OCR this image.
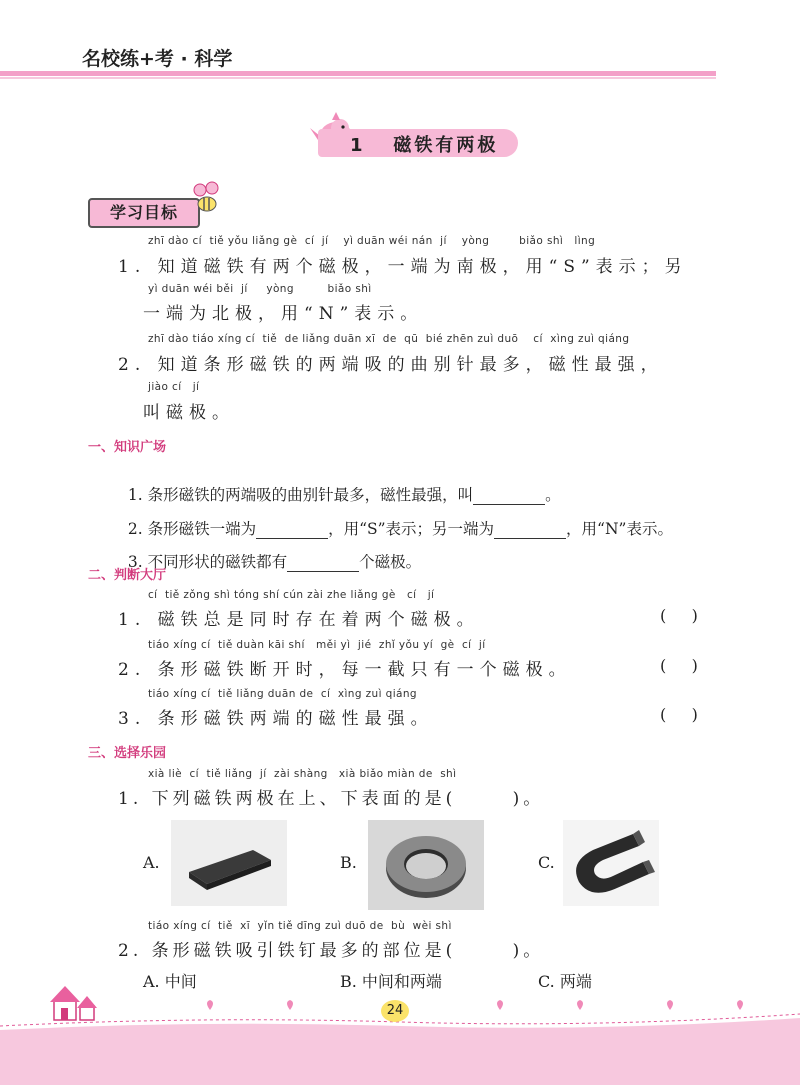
名校练+考 · 科学
1 磁铁有两极
学习目标
zhī dào cí  tiě yǒu liǎng gè  cí  jí    yì duān wéi nán  jí    yòng        biǎo shì   lìng
1. 知道磁铁有两个磁极，一端为南极，用“S”表示；另
yì duān wéi běi  jí     yòng         biǎo shì
一端为北极，用“N”表示。
zhī dào tiáo xíng cí  tiě  de liǎng duān xī  de  qū  bié zhēn zuì duō    cí  xìng zuì qiáng
2. 知道条形磁铁的两端吸的曲别针最多，磁性最强，
jiào cí   jí
叫磁极。
一、知识广场

1. 条形磁铁的两端吸的曲别针最多，磁性最强，叫	。

2. 条形磁铁一端为	，用“S”表示；另一端为	，用“N”表示。

3. 不同形状的磁铁都有	个磁极。

二、判断大厅
cí  tiě zǒng shì tóng shí cún zài zhe liǎng gè   cí   jí
1. 磁铁总是同时存在着两个磁极。	(     )
tiáo xíng cí  tiě duàn kāi shí   měi yì  jié  zhǐ yǒu yí  gè  cí  jí
2. 条形磁铁断开时，每一截只有一个磁极。	(     )
tiáo xíng cí  tiě liǎng duān de  cí  xìng zuì qiáng
3. 条形磁铁两端的磁性最强。	(     )
三、选择乐园
xià liè  cí  tiě liǎng  jí  zài shàng   xià biǎo miàn de  shì
1. 下列磁铁两极在上、下表面的是(      )。
A.	B.	C.
tiáo xíng cí  tiě  xī  yǐn tiě dīng zuì duō de  bù  wèi shì
2. 条形磁铁吸引铁钉最多的部位是(      )。
A. 中间	B. 中间和两端	C. 两端
24
